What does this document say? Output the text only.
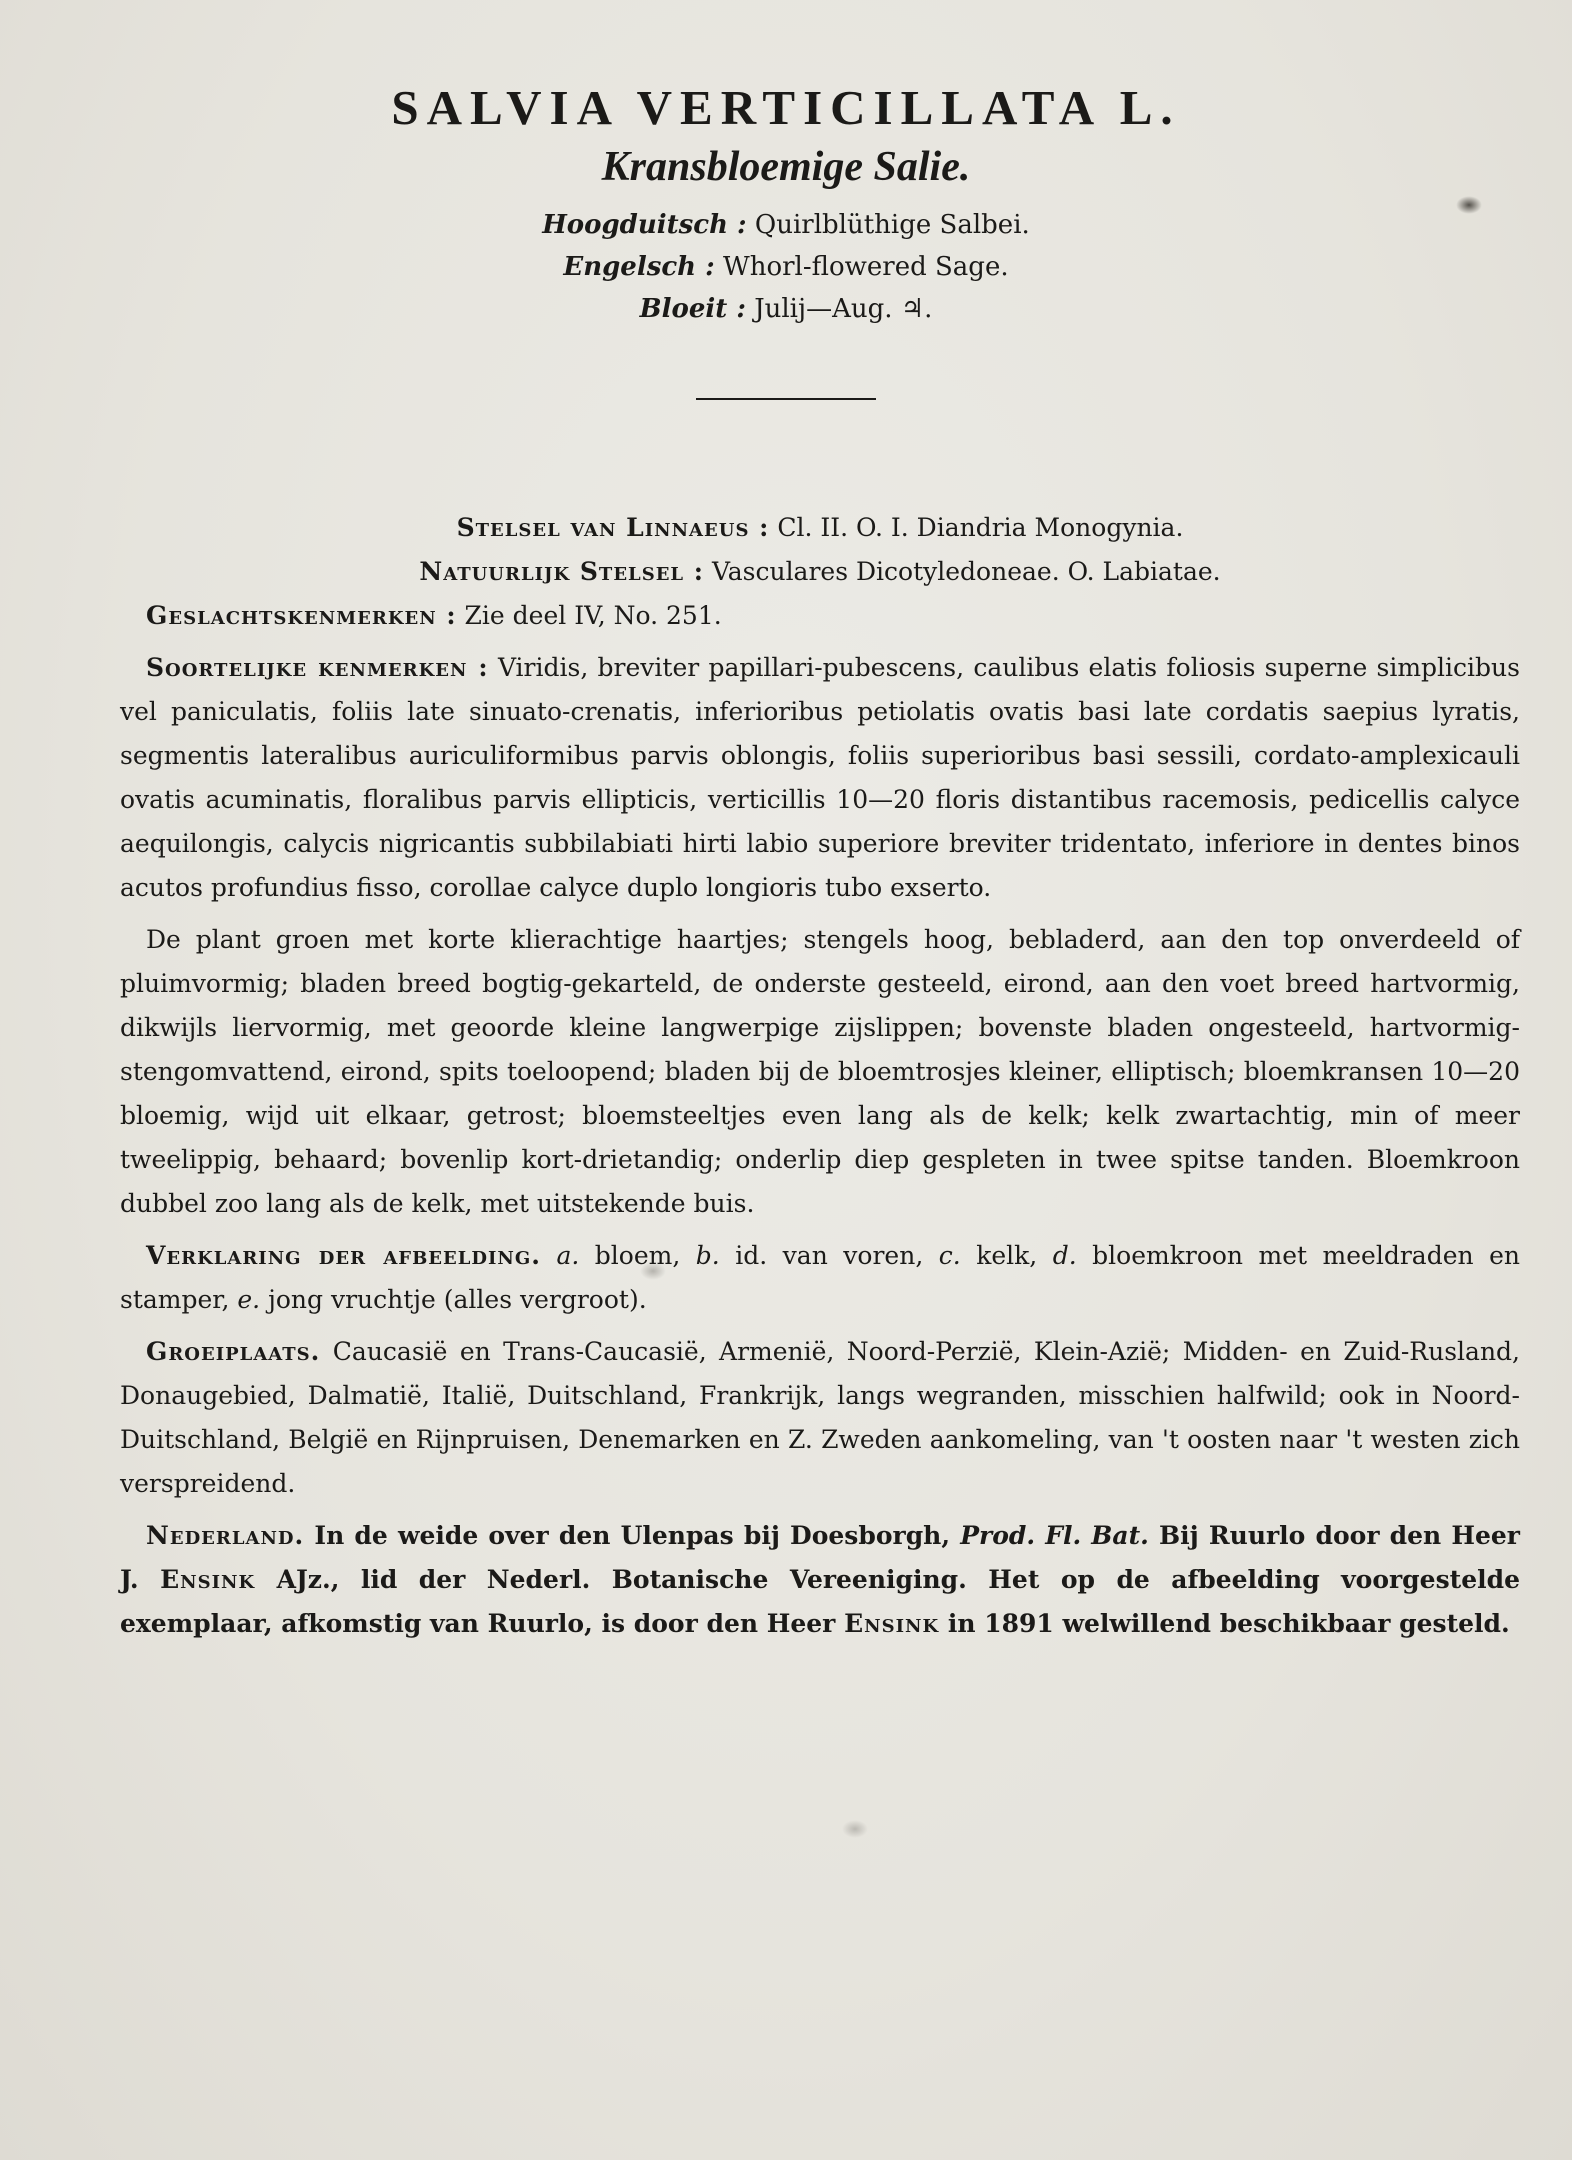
SALVIA VERTICILLATA L.
Kransbloemige Salie.

Hoogduitsch : Quirlblüthige Salbei.

Engelsch : Whorl-flowered Sage.

Bloeit : Julij—Aug. ♃.

Stelsel van Linnaeus : Cl. II. O. I. Diandria Monogynia.

Natuurlijk Stelsel : Vasculares Dicotyledoneae. O. Labiatae.

Geslachtskenmerken : Zie deel IV, No. 251.

Soortelijke kenmerken : Viridis, breviter papillari-pubescens, caulibus elatis foliosis superne simplicibus vel paniculatis, foliis late sinuato-crenatis, inferioribus petiolatis ovatis basi late cordatis saepius lyratis, segmentis lateralibus auriculiformibus parvis oblongis, foliis superioribus basi sessili, cordato-amplexicauli ovatis acuminatis, floralibus parvis ellipticis, verticillis 10—20 floris distantibus racemosis, pedicellis calyce aequilongis, calycis nigricantis subbilabiati hirti labio superiore breviter tridentato, inferiore in dentes binos acutos profundius fisso, corollae calyce duplo longioris tubo exserto.

De plant groen met korte klierachtige haartjes; stengels hoog, bebladerd, aan den top onverdeeld of pluimvormig; bladen breed bogtig-gekarteld, de onderste gesteeld, eirond, aan den voet breed hartvormig, dikwijls liervormig, met geoorde kleine langwerpige zijslippen; bovenste bladen ongesteeld, hartvormig-stengomvattend, eirond, spits toeloopend; bladen bij de bloemtrosjes kleiner, elliptisch; bloemkransen 10—20 bloemig, wijd uit elkaar, getrost; bloemsteeltjes even lang als de kelk; kelk zwartachtig, min of meer tweelippig, behaard; bovenlip kort-drietandig; onderlip diep gespleten in twee spitse tanden. Bloemkroon dubbel zoo lang als de kelk, met uitstekende buis.

Verklaring der afbeelding. a. bloem, b. id. van voren, c. kelk, d. bloemkroon met meeldraden en stamper, e. jong vruchtje (alles vergroot).

Groeiplaats. Caucasië en Trans-Caucasië, Armenië, Noord-Perzië, Klein-Azië; Midden- en Zuid-Rusland, Donaugebied, Dalmatië, Italië, Duitschland, Frankrijk, langs wegranden, misschien halfwild; ook in Noord-Duitschland, België en Rijnpruisen, Denemarken en Z. Zweden aankomeling, van 't oosten naar 't westen zich verspreidend.

Nederland. In de weide over den Ulenpas bij Doesborgh, Prod. Fl. Bat. Bij Ruurlo door den Heer J. Ensink AJz., lid der Nederl. Botanische Vereeniging. Het op de afbeelding voorgestelde exemplaar, afkomstig van Ruurlo, is door den Heer Ensink in 1891 welwillend beschikbaar gesteld.
